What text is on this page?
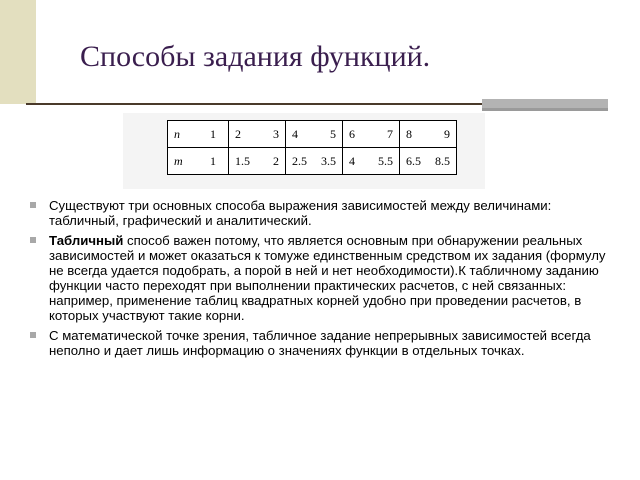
Способы задания функций.
n	1	2 3	4 5	6 7	8 9

m	1	1.5 2	2.5 3.5	4 5.5	6.5 8.5

Существуют три основных способа выражения зависимостей между величинами: табличный, графический и аналитический.

Табличный способ важен потому, что является основным при обнаружении реальных зависимостей и может оказаться к томуже единственным средством их задания (формулу не всегда удается подобрать, а порой в ней и нет необходимости).К табличному заданию функции часто переходят при выполнении практических расчетов, с ней связанных: например, применение таблиц квадратных корней удобно при проведении расчетов, в которых участвуют такие корни.

С математической точке зрения, табличное задание непрерывных зависимостей всегда неполно и дает лишь информацию о значениях функции в отдельных точках.
